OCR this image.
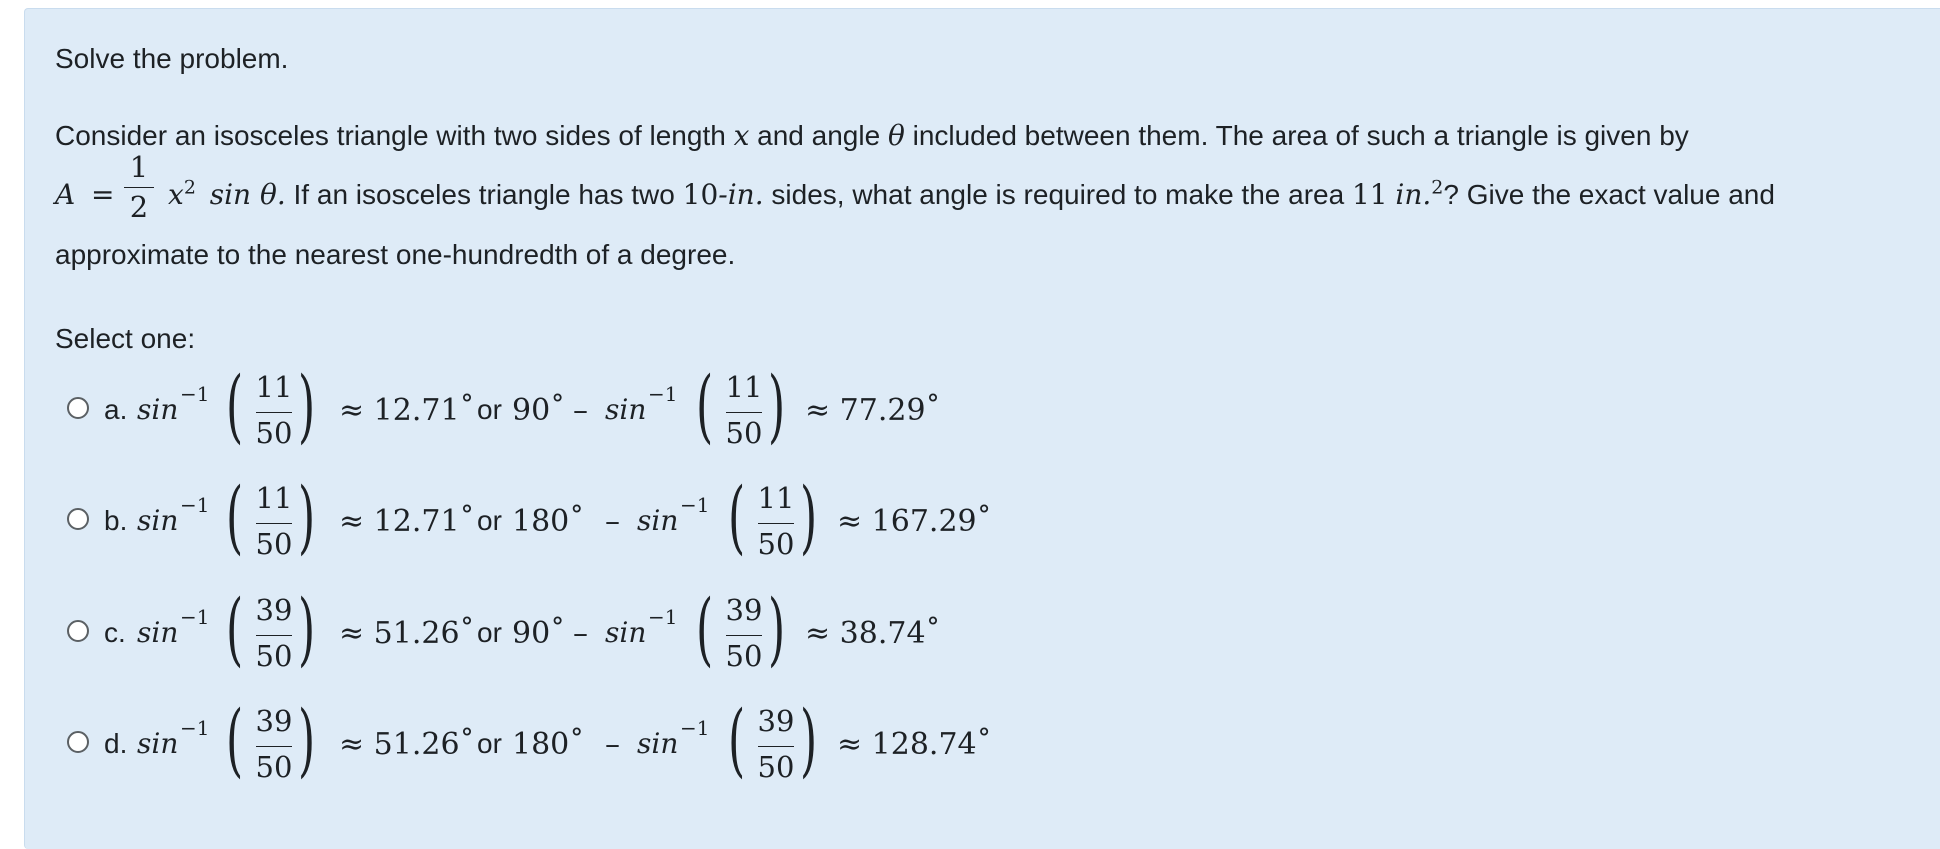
Solve the problem.
Consider an isosceles triangle with two sides of length x and angle θ included between them. The area of such a triangle is given by
$A = x^2$ sin θ. If an isosceles triangle has two 10-in. sides, what angle is required to make the area 11 in.$^2$? Give the exact value and
1
2
approximate to the nearest one-hundredth of a degree.
Select one:
a. sin −1 ( 11
50 ) ≈ 12.71˚ or 90˚ – sin −1 ( 11
50 ) ≈ 77.29˚
b. sin −1 ( 11
50 ) ≈ 12.71˚ or 180˚ – sin −1 ( 11
50 ) ≈ 167.29˚
c. sin −1 ( 39
50 ) ≈ 51.26˚ or 90˚ – sin −1 ( 39
50 ) ≈ 38.74˚
d. sin −1 ( 39
50 ) ≈ 51.26˚ or 180˚ – sin −1 ( 39
50 ) ≈ 128.74˚
